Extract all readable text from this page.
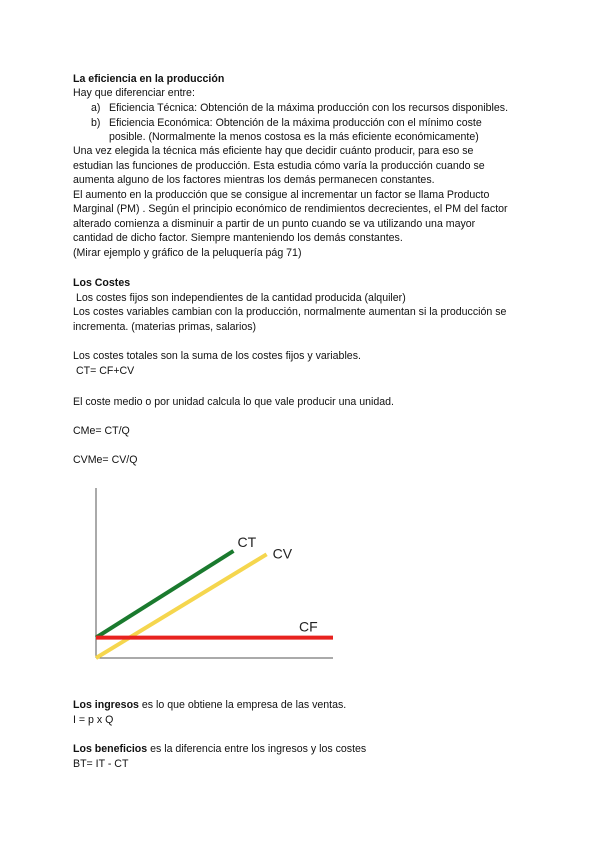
La eficiencia en la producción
Hay que diferenciar entre:
a) Eficiencia Técnica: Obtención de la máxima producción con los recursos disponibles.
b) Eficiencia Económica: Obtención de la máxima producción con el mínimo coste
posible. (Normalmente la menos costosa es la más eficiente económicamente)
Una vez elegida la técnica más eficiente hay que decidir cuánto producir, para eso se
estudian las funciones de producción. Esta estudia cómo varía la producción cuando se
aumenta alguno de los factores mientras los demás permanecen constantes.
El aumento en la producción que se consigue al incrementar un factor se llama Producto
Marginal (PM) . Según el principio económico de rendimientos decrecientes, el PM del factor
alterado comienza a disminuir a partir de un punto cuando se va utilizando una mayor
cantidad de dicho factor. Siempre manteniendo los demás constantes.
(Mirar ejemplo y gráfico de la peluquería pág 71)
Los Costes
Los costes fijos son independientes de la cantidad producida (alquiler)
Los costes variables cambian con la producción, normalmente aumentan si la producción se
incrementa. (materias primas, salarios)
Los costes totales son la suma de los costes fijos y variables.
CT= CF+CV
El coste medio o por unidad calcula lo que vale producir una unidad.
CMe= CT/Q
CVMe= CV/Q
CT
CV
CF
Los ingresos es lo que obtiene la empresa de las ventas.
I = p x Q
Los beneficios es la diferencia entre los ingresos y los costes
BT= IT - CT
